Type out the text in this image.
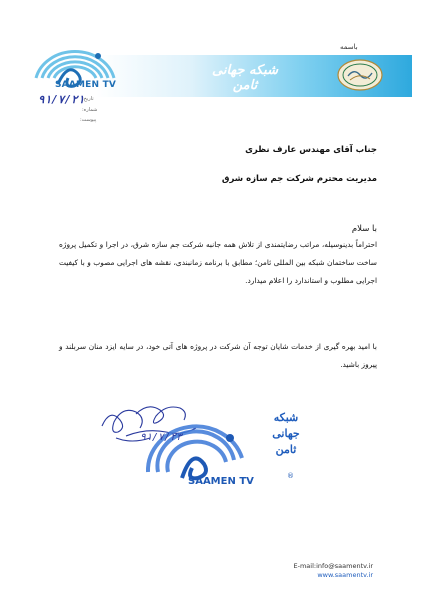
شبکه جهانی ثامن
باسمه
SAAMEN TV
تاریخ:
شماره:
پیوست:
۹۱/۷/۲۱
جناب آقای مهندس عارف نظری
مدیریت محترم شرکت جم سازه شرق
با سلام
احتراماً بدینوسیله، مراتب رضایتمندی از تلاش همه جانبه شرکت جم سازه شرق، در اجرا و تکمیل پروژه ساخت ساختمان شبکه بین المللی ثامن؛ مطابق با برنامه زمانبندی، نقشه های اجرایی مصوب و با کیفیت اجرایی مطلوب و استاندارد را اعلام میدارد.
با امید بهره گیری از خدمات شایان توجه آن شرکت در پروژه های آتی خود، در سایه ایزد منان سربلند و پیروز باشید.
شبکه جهانی ثامن
SAAMEN TV	®
۹۱/۷/۲۳
E-mail:info@saamentv.ir
www.saamentv.ir
